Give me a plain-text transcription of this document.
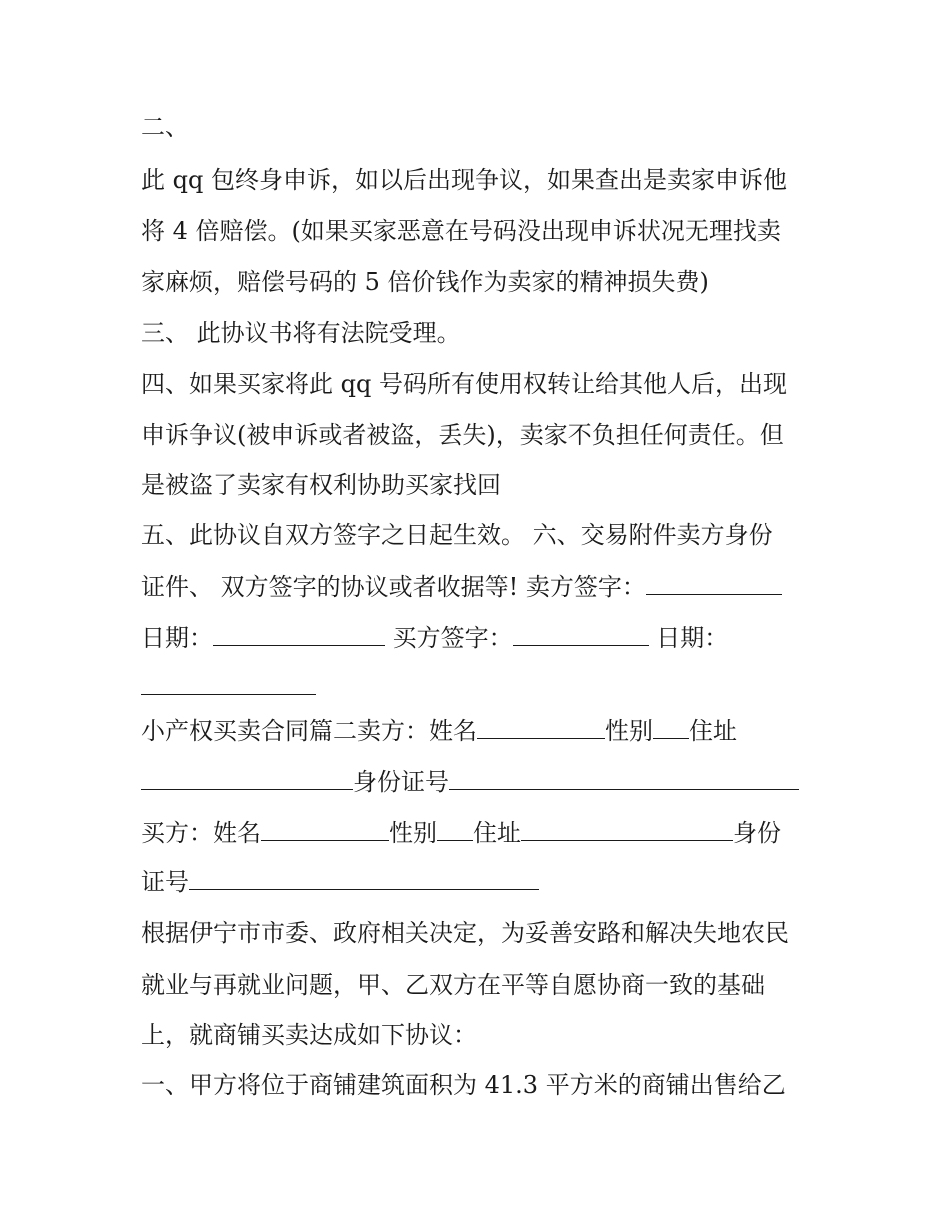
二、
此 qq 包终身申诉，如以后出现争议，如果查出是卖家申诉他
将 4 倍赔偿。(如果买家恶意在号码没出现申诉状况无理找卖
家麻烦，赔偿号码的 5 倍价钱作为卖家的精神损失费)
三、 此协议书将有法院受理。
四、如果买家将此 qq 号码所有使用权转让给其他人后，出现
申诉争议(被申诉或者被盗，丢失)，卖家不负担任何责任。但
是被盗了卖家有权利协助买家找回
五、此协议自双方签字之日起生效。 六、交易附件卖方身份
证件、 双方签字的协议或者收据等! 卖方签字：
日期：	买方签字：	日期：
小产权买卖合同篇二卖方：姓名	性别 住址
身份证号
买方：姓名	性别 住址	身份
证号
根据伊宁市市委、政府相关决定，为妥善安路和解决失地农民
就业与再就业问题，甲、乙双方在平等自愿协商一致的基础
上，就商铺买卖达成如下协议：
一、甲方将位于商铺建筑面积为 41.3 平方米的商铺出售给乙
